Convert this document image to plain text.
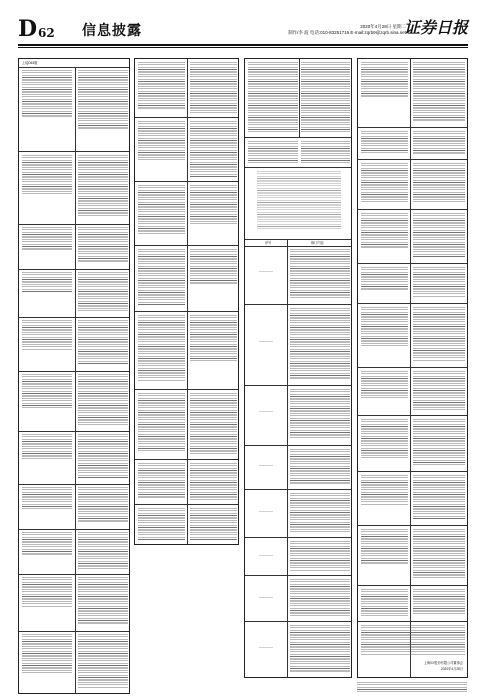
D 62 信息披露	2020年4月28日 星期二
制作/李 波 电话:010-83251716 E-mail:zqrb9@zqrb.sina.net
证券日报
上接D63版
序号	修订内容
上海XX股份有限公司董事会
2020年4月28日
